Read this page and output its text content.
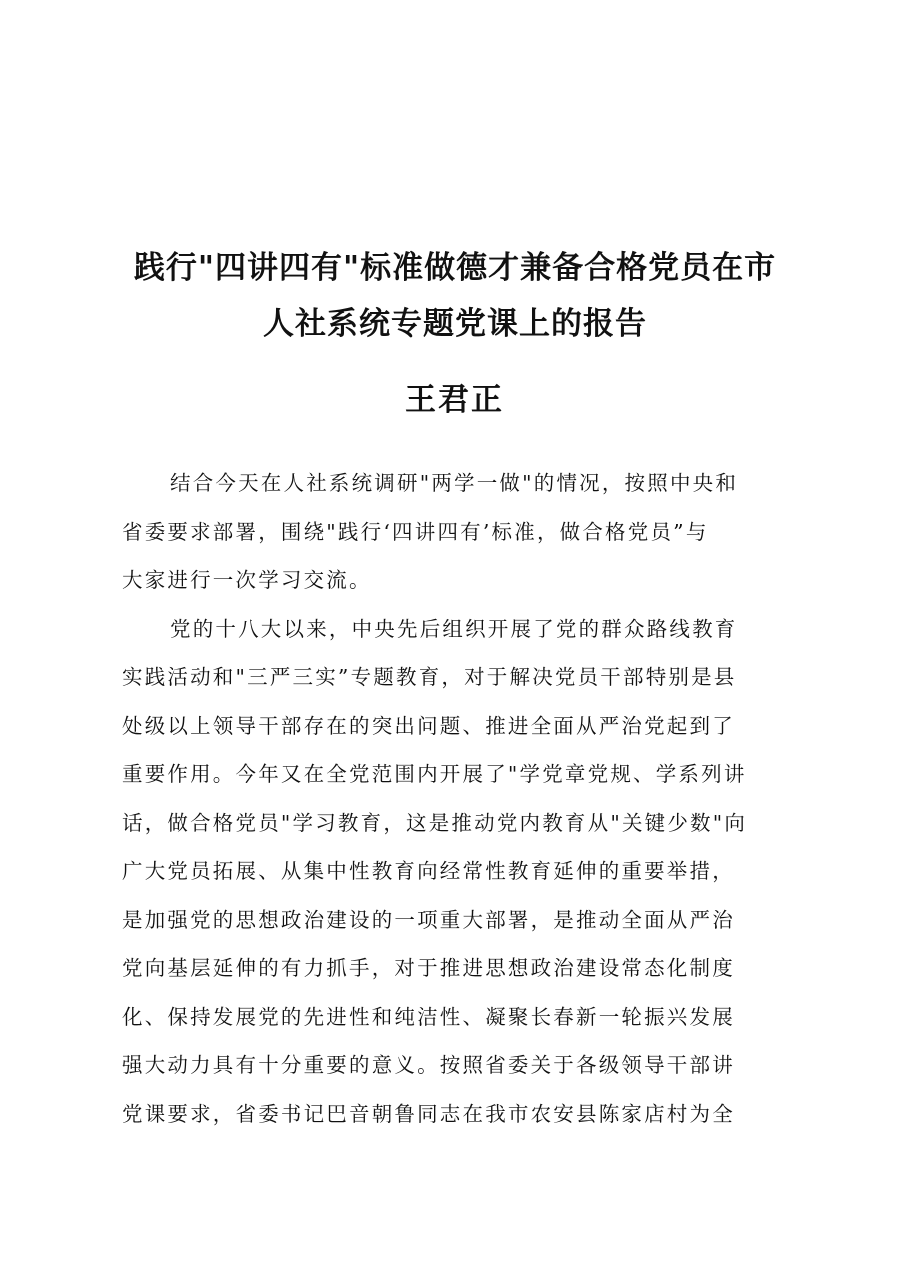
践行"四讲四有"标准做德才兼备合格党员在市
人社系统专题党课上的报告
王君正

结合今天在人社系统调研"两学一做"的情况，按照中央和
省委要求部署，围绕"践行‘四讲四有’标准，做合格党员”与
大家进行一次学习交流。

党的十八大以来，中央先后组织开展了党的群众路线教育
实践活动和"三严三实”专题教育，对于解决党员干部特别是县
处级以上领导干部存在的突出问题、推进全面从严治党起到了
重要作用。今年又在全党范围内开展了"学党章党规、学系列讲
话，做合格党员"学习教育，这是推动党内教育从"关键少数"向
广大党员拓展、从集中性教育向经常性教育延伸的重要举措，
是加强党的思想政治建设的一项重大部署，是推动全面从严治
党向基层延伸的有力抓手，对于推进思想政治建设常态化制度
化、保持发展党的先进性和纯洁性、凝聚长春新一轮振兴发展
强大动力具有十分重要的意义。按照省委关于各级领导干部讲
党课要求，省委书记巴音朝鲁同志在我市农安县陈家店村为全
